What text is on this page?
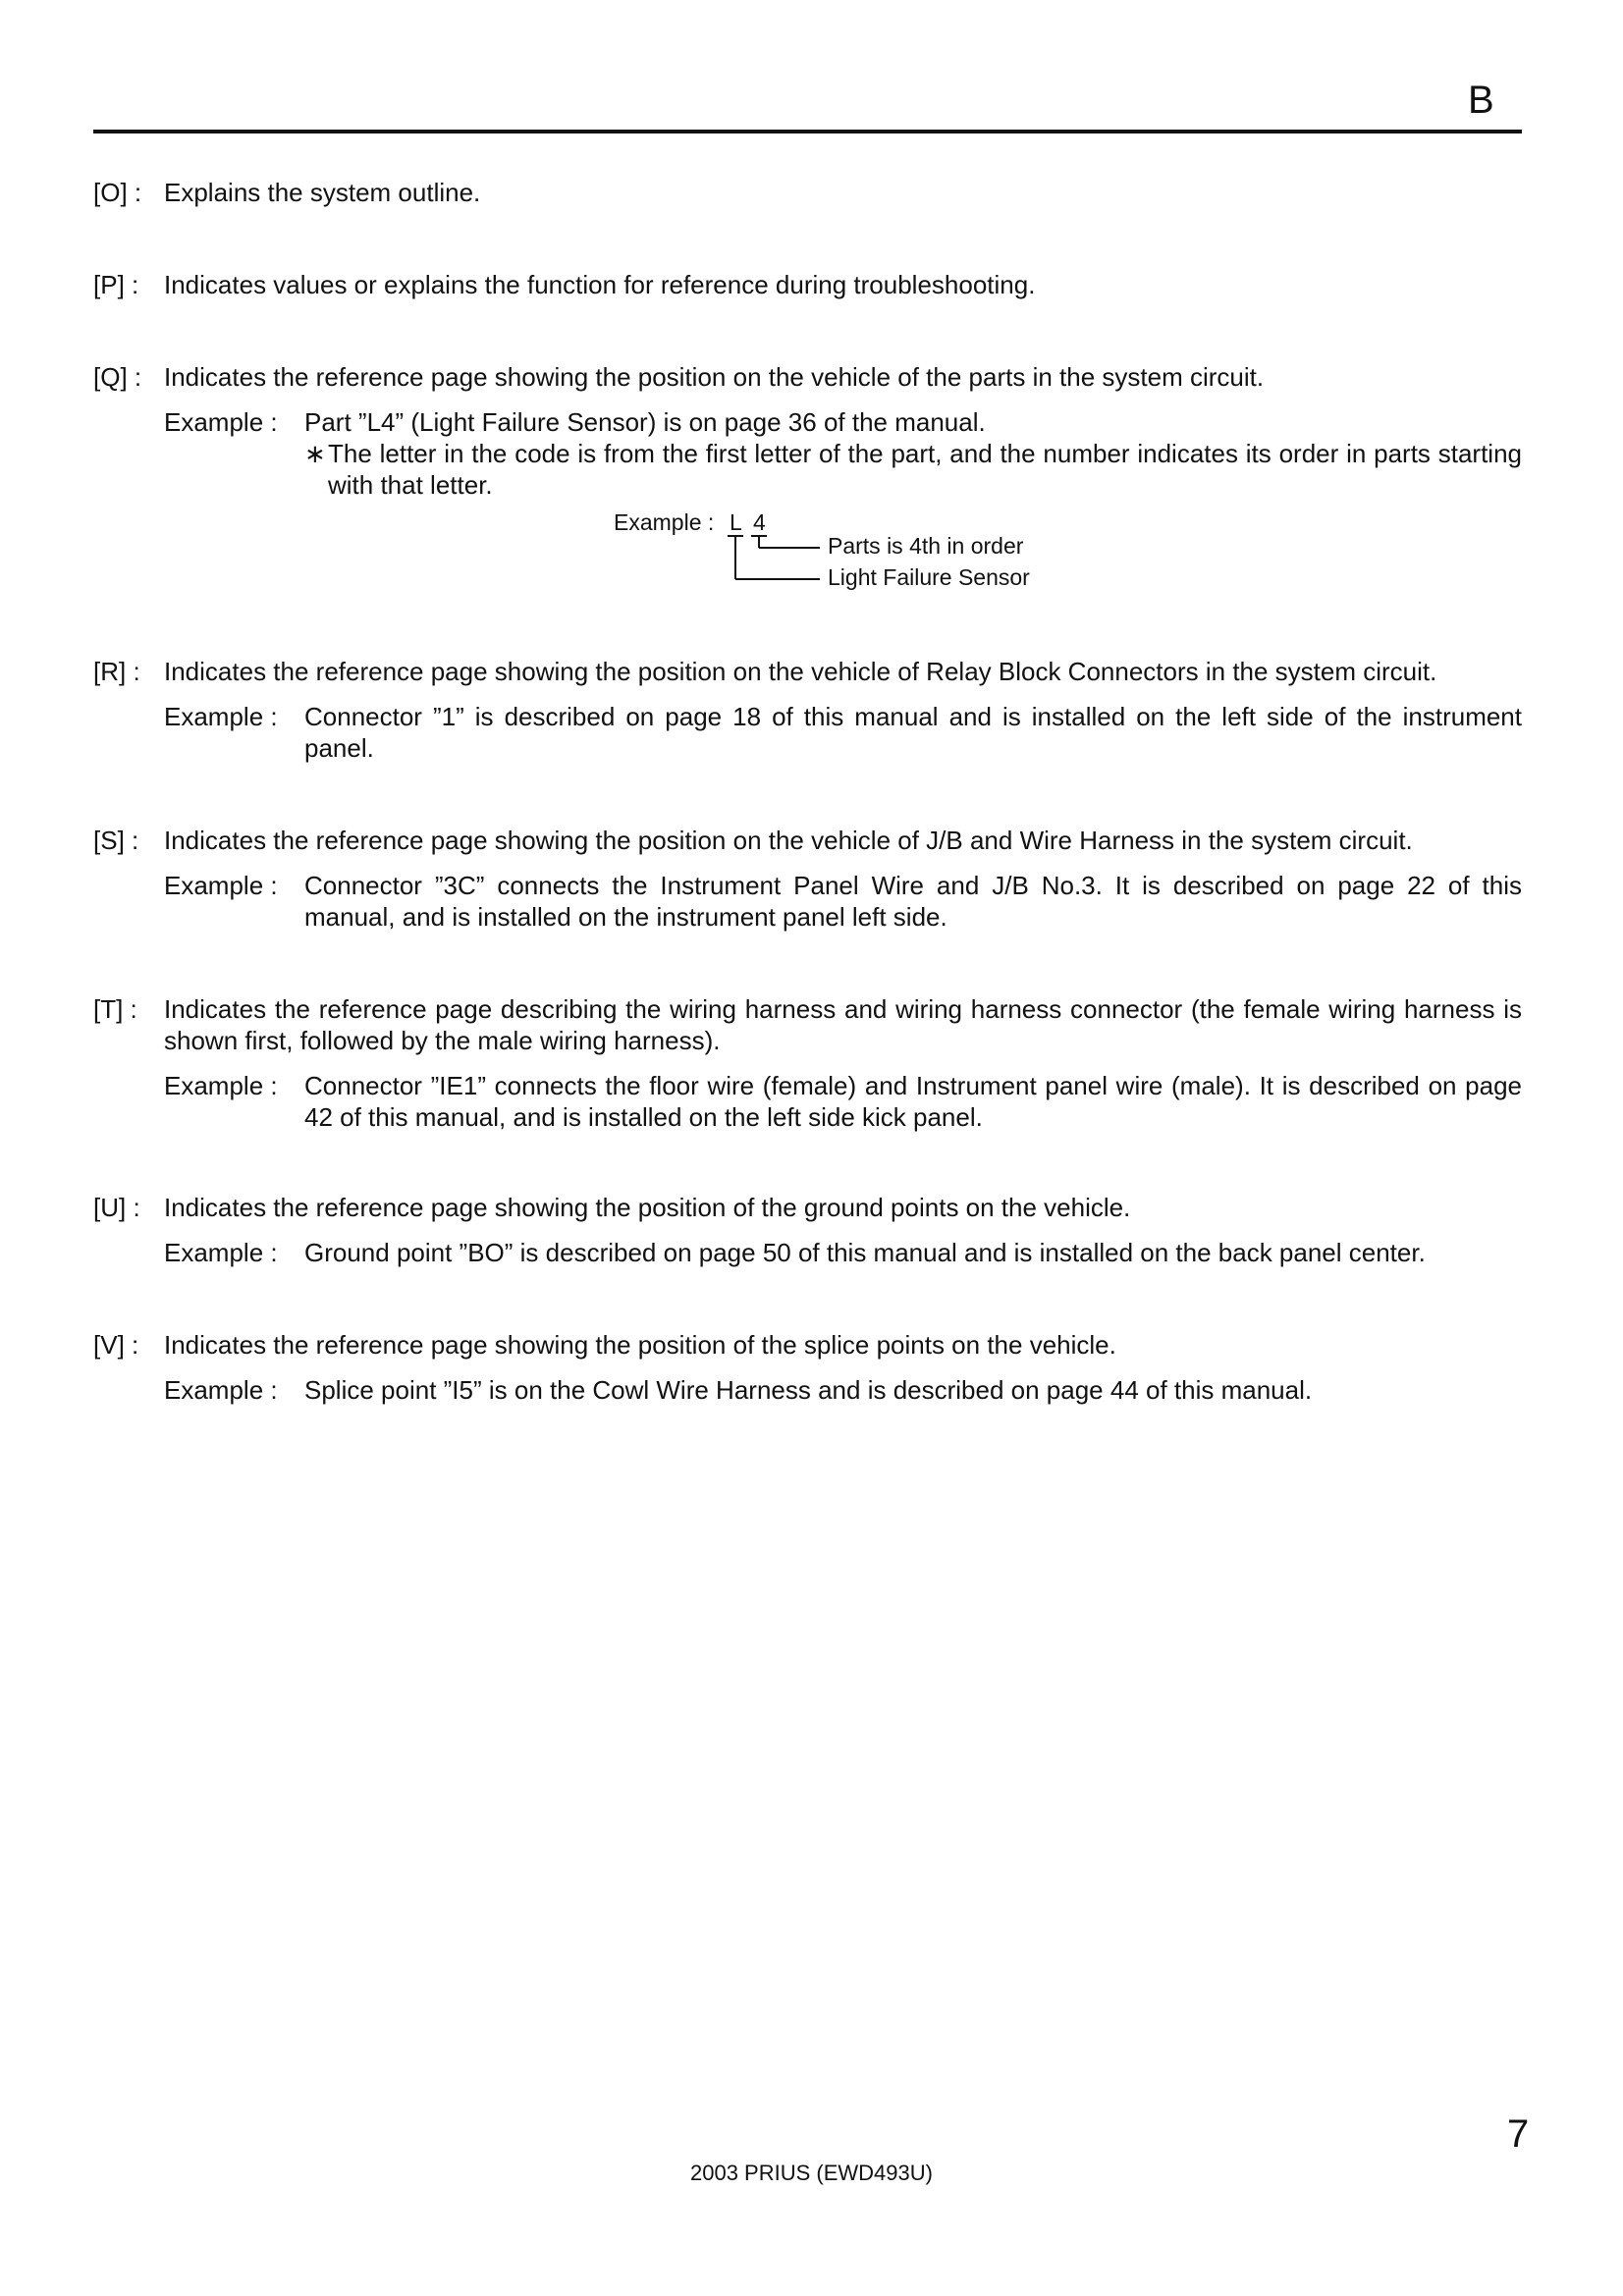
B
[O] : Explains the system outline.
[P] : Indicates values or explains the function for reference during troubleshooting.
[Q] : Indicates the reference page showing the position on the vehicle of the parts in the system circuit.
Example : Part ”L4” (Light Failure Sensor) is on page 36 of the manual.
∗ The letter in the code is from the first letter of the part, and the number indicates its order in parts starting with that letter.
Example : L 4
Parts is 4th in order
Light Failure Sensor
[R] : Indicates the reference page showing the position on the vehicle of Relay Block Connectors in the system circuit.
Example : Connector ”1” is described on page 18 of this manual and is installed on the left side of the instrument panel.
[S] : Indicates the reference page showing the position on the vehicle of J/B and Wire Harness in the system circuit.
Example : Connector ”3C” connects the Instrument Panel Wire and J/B No.3. It is described on page 22 of this manual, and is installed on the instrument panel left side.
[T] : Indicates the reference page describing the wiring harness and wiring harness connector (the female wiring harness is shown first, followed by the male wiring harness).
Example : Connector ”IE1” connects the floor wire (female) and Instrument panel wire (male). It is described on page 42 of this manual, and is installed on the left side kick panel.
[U] : Indicates the reference page showing the position of the ground points on the vehicle.
Example : Ground point ”BO” is described on page 50 of this manual and is installed on the back panel center.
[V] : Indicates the reference page showing the position of the splice points on the vehicle.
Example : Splice point ”I5” is on the Cowl Wire Harness and is described on page 44 of this manual.
7
2003 PRIUS (EWD493U)
